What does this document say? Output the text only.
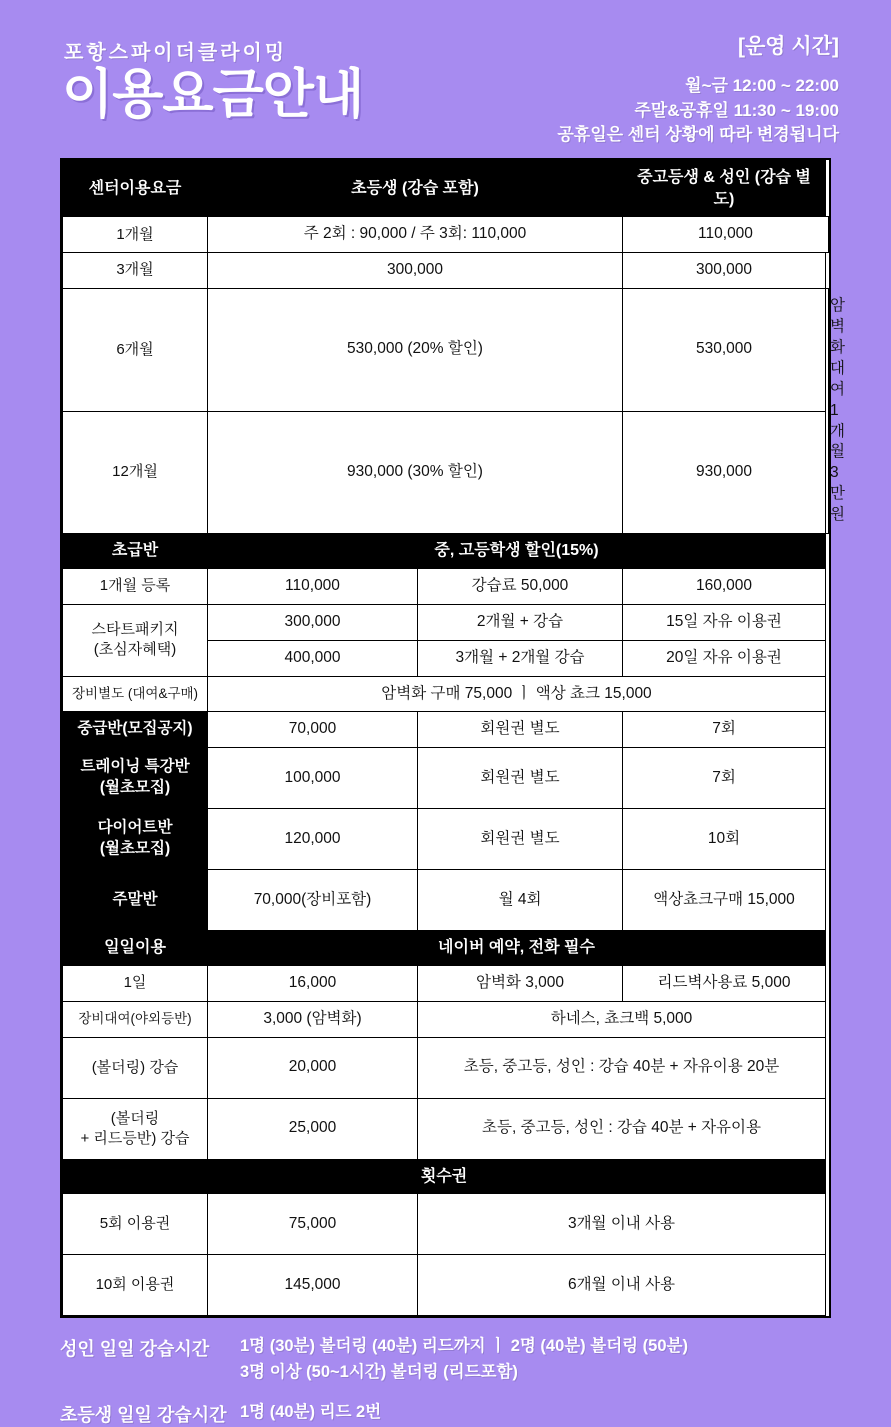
포항스파이더클라이밍
이용요금안내
[운영 시간]
월~금 12:00 ~ 22:00
주말&공휴일 11:30 ~ 19:00
공휴일은 센터 상황에 따라 변경됩니다
센터이용요금	초등생 (강습 포함)		중고등생 & 성인 (강습 별도)	
1개월	주 2회 : 90,000 / 주 3회: 110,000		110,000	
3개월	300,000		300,000	
6개월	530,000 (20% 할인)		530,000	암벽화대여
1개월 3만원

12개월	930,000 (30% 할인)		930,000	
초급반	중, 고등학생 할인(15%)			
1개월 등록	110,000	강습료 50,000	160,000	

스타트패키지
(초심자혜택)	300,000	2개월 + 강습	15일 자유 이용권	
	400,000	3개월 + 2개월 강습	20일 자유 이용권	
장비별도 (대여&구매)	암벽화 구매 75,000 ㅣ 액상 쵸크 15,000			
중급반(모집공지)	70,000	회원권 별도	7회	

트레이닝 특강반
(월초모집)	100,000	회원권 별도	7회	

다이어트반
(월초모집)	120,000	회원권 별도	10회	
주말반	70,000(장비포함)	월 4회	액상쵸크구매 15,000	
일일이용	네이버 예약, 전화 필수			
1일	16,000	암벽화 3,000	리드벽사용료 5,000	
장비대여(야외등반)	3,000 (암벽화)	하네스, 쵸크백 5,000		
(볼더링) 강습	20,000	초등, 중고등, 성인 : 강습 40분 + 자유이용 20분		

(볼더링
+ 리드등반) 강습	25,000	초등, 중고등, 성인 : 강습 40분 + 자유이용		
횟수권				
5회 이용권	75,000	3개월 이내 사용		
10회 이용권	145,000	6개월 이내 사용		
성인 일일 강습시간	1명 (30분) 볼더링 (40분) 리드까지 ㅣ 2명 (40분) 볼더링 (50분)
3명 이상 (50~1시간) 볼더링 (리드포함)
초등생 일일 강습시간 1명 (40분) 리드 2번
